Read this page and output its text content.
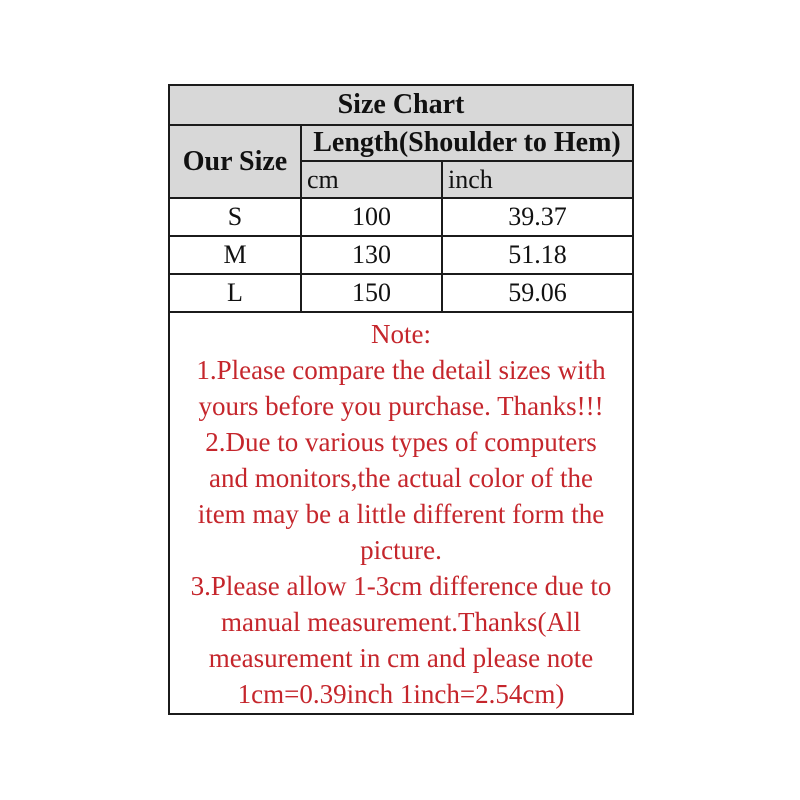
Size Chart		
Our Size	Length(Shoulder to Hem)	
	cm	inch
S	100	39.37
M	130	51.18
L	150	59.06

Note:
1.Please compare the detail sizes with
yours before you purchase. Thanks!!!
2.Due to various types of computers
and monitors,the actual color of the
item may be a little different form the
picture.
3.Please allow 1-3cm difference due to
manual measurement.Thanks(All
measurement in cm and please note
1cm=0.39inch 1inch=2.54cm)
